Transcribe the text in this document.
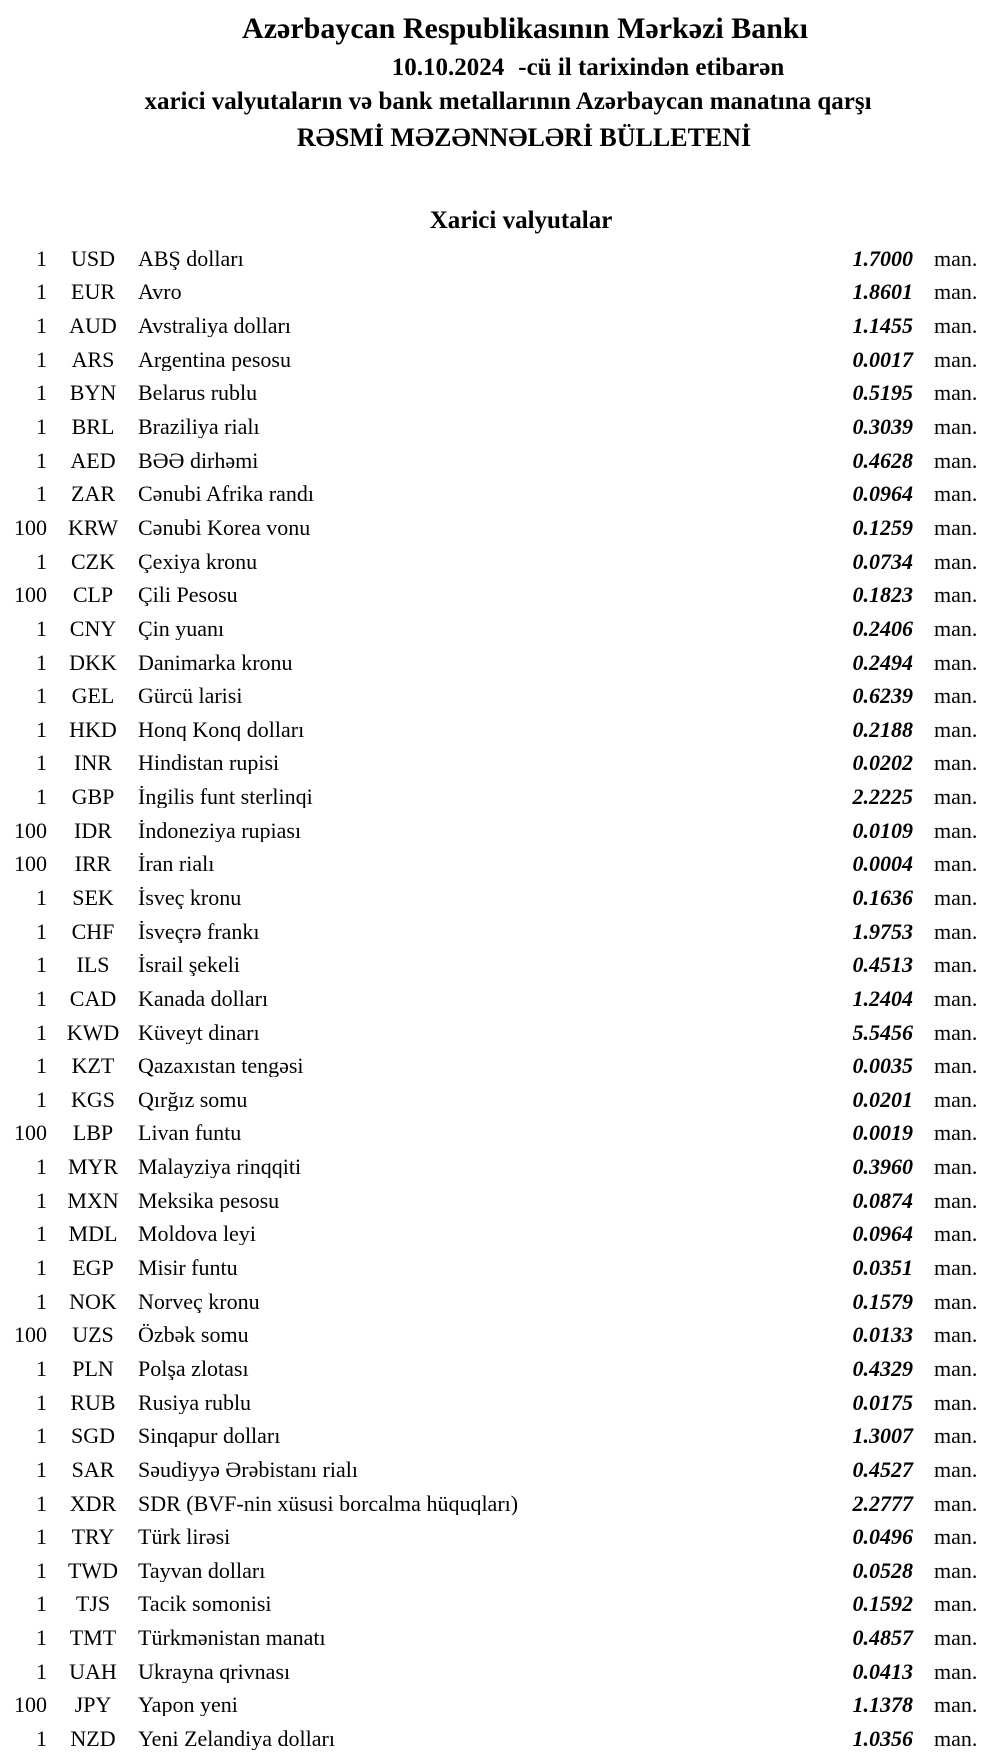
Azərbaycan Respublikasının Mərkəzi Bankı
10.10.2024 -cü il tarixindən etibarən
xarici valyutaların və bank metallarının Azərbaycan manatına qarşı
RƏSMİ MƏZƏNNƏLƏRİ BÜLLETENİ
Xarici valyutalar
1	USD	ABŞ dolları	1.7000 man.
1	EUR	Avro	1.8601 man.
1	AUD Avstraliya dolları	1.1455 man.
1	ARS	Argentina pesosu	0.0017 man.
1	BYN Belarus rublu	0.5195 man.
1	BRL	Braziliya rialı	0.3039 man.
1	AED	BƏƏ dirhəmi	0.4628 man.
1	ZAR	Cənubi Afrika randı	0.0964 man.
100 KRW Cənubi Korea vonu	0.1259 man.
1	CZK	Çexiya kronu	0.0734 man.
100	CLP	Çili Pesosu	0.1823 man.
1	CNY Çin yuanı	0.2406 man.
1	DKK Danimarka kronu	0.2494 man.
1	GEL	Gürcü larisi	0.6239 man.
1	HKD Honq Konq dolları	0.2188 man.
1	INR	Hindistan rupisi	0.0202 man.
1	GBP	İngilis funt sterlinqi	2.2225 man.
100	IDR	İndoneziya rupiası	0.0109 man.
100	IRR	İran rialı	0.0004 man.
1	SEK	İsveç kronu	0.1636 man.
1	CHF	İsveçrə frankı	1.9753 man.
1	ILS	İsrail şekeli	0.4513 man.
1	CAD Kanada dolları	1.2404 man.
1 KWD Küveyt dinarı	5.5456 man.
1	KZT	Qazaxıstan tengəsi	0.0035 man.
1	KGS	Qırğız somu	0.0201 man.
100	LBP	Livan funtu	0.0019 man.
1 MYR Malayziya rinqqiti	0.3960 man.
1 MXN Meksika pesosu	0.0874 man.
1 MDL Moldova leyi	0.0964 man.
1	EGP	Misir funtu	0.0351 man.
1	NOK Norveç kronu	0.1579 man.
100	UZS	Özbək somu	0.0133 man.
1	PLN	Polşa zlotası	0.4329 man.
1	RUB	Rusiya rublu	0.0175 man.
1	SGD	Sinqapur dolları	1.3007 man.
1	SAR	Səudiyyə Ərəbistanı rialı	0.4527 man.
1	XDR SDR (BVF-nin xüsusi borcalma hüquqları)	2.2777 man.
1	TRY	Türk lirəsi	0.0496 man.
1 TWD Tayvan dolları	0.0528 man.
1	TJS	Tacik somonisi	0.1592 man.
1	TMT Türkmənistan manatı	0.4857 man.
1	UAH Ukrayna qrivnası	0.0413 man.
100	JPY	Yapon yeni	1.1378 man.
1	NZD	Yeni Zelandiya dolları	1.0356 man.
